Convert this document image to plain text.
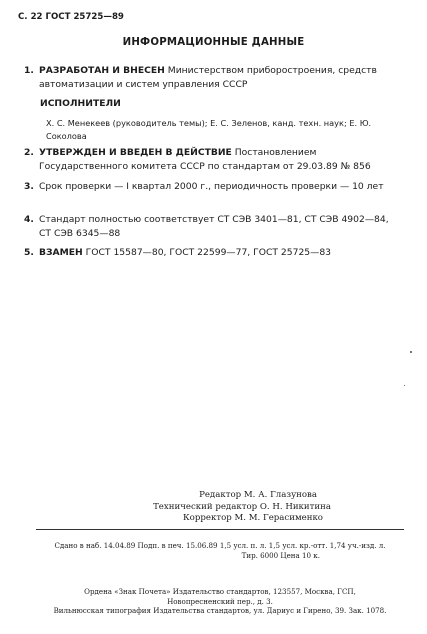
С. 22 ГОСТ 25725—89
ИНФОРМАЦИОННЫЕ ДАННЫЕ
1. РАЗРАБОТАН И ВНЕСЕН Министерством приборостроения, средств автоматизации и систем управления СССР
ИСПОЛНИТЕЛИ
Х. С. Менекеев (руководитель темы); Е. С. Зеленов, канд. техн. наук; Е. Ю. Соколова
2. УТВЕРЖДЕН И ВВЕДЕН В ДЕЙСТВИЕ Постановлением Государственного комитета СССР по стандартам от 29.03.89 № 856
3. Срок проверки — I квартал 2000 г., периодичность проверки — 10 лет
4. Стандарт полностью соответствует СТ СЭВ 3401—81, СТ СЭВ 4902—84, СТ СЭВ 6345—88
5. ВЗАМЕН ГОСТ 15587—80, ГОСТ 22599—77, ГОСТ 25725—83
Редактор М. А. Глазунова
Технический редактор О. Н. Никитина
Корректор М. М. Герасименко
Сдано в наб. 14.04.89 Подп. в печ. 15.06.89 1,5 усл. п. л. 1,5 усл. кр.-отт. 1,74 уч.-изд. л.
Тир. 6000 Цена 10 к.
Ордена «Знак Почета» Издательство стандартов, 123557, Москва, ГСП,
Новопресненский пер., д. 3.
Вильнюсская типография Издательства стандартов, ул. Дариус и Гирено, 39. Зак. 1078.
